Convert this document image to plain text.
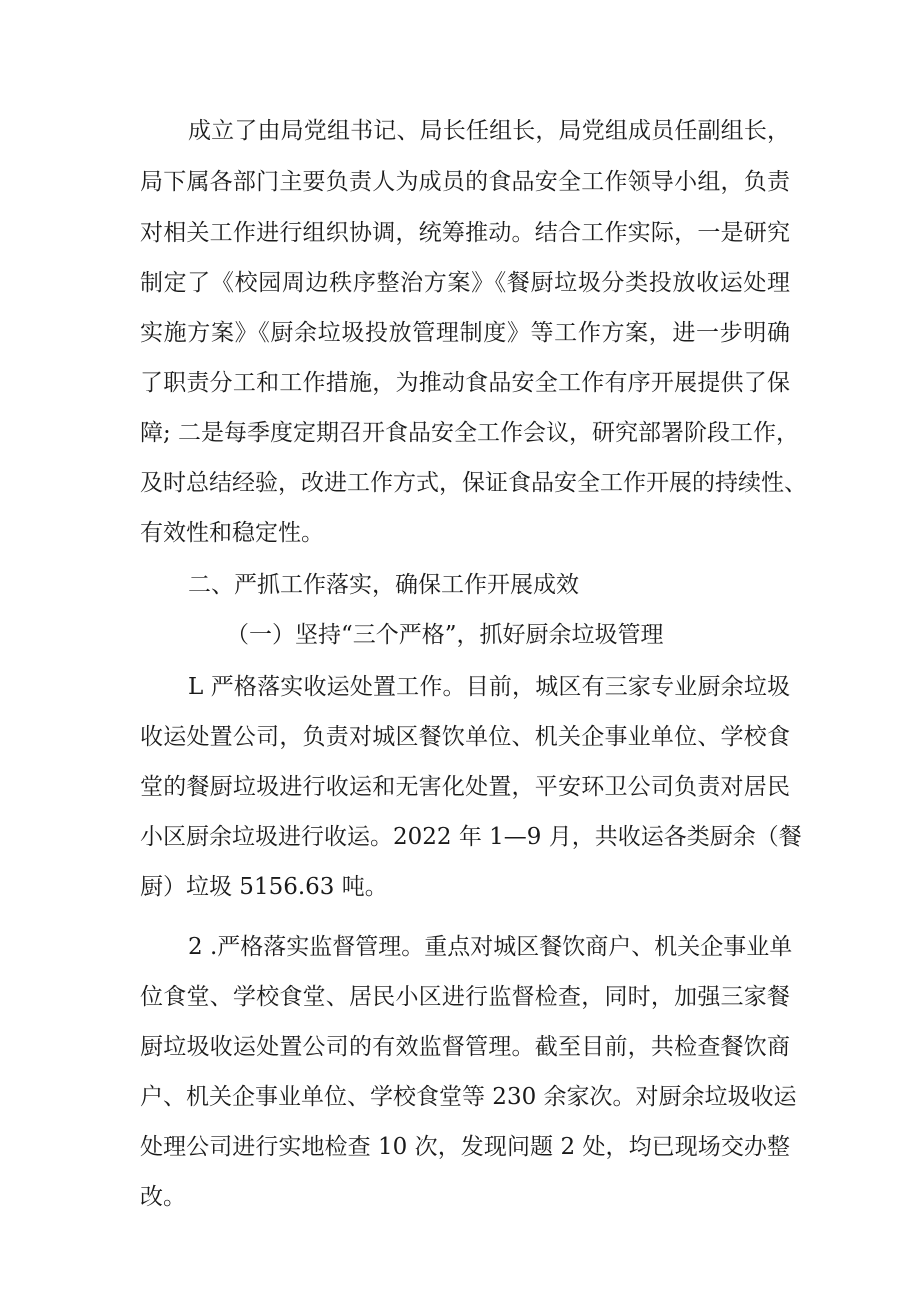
成立了由局党组书记、局长任组长，局党组成员任副组长，
局下属各部门主要负责人为成员的食品安全工作领导小组，负责
对相关工作进行组织协调，统筹推动。结合工作实际，一是研究
制定了《校园周边秩序整治方案》《餐厨垃圾分类投放收运处理
实施方案》《厨余垃圾投放管理制度》等工作方案，进一步明确
了职责分工和工作措施，为推动食品安全工作有序开展提供了保
障; 二是每季度定期召开食品安全工作会议，研究部署阶段工作，
及时总结经验，改进工作方式，保证食品安全工作开展的持续性、
有效性和稳定性。
二、严抓工作落实，确保工作开展成效
（一）坚持“三个严格”，抓好厨余垃圾管理
L 严格落实收运处置工作。目前，城区有三家专业厨余垃圾
收运处置公司，负责对城区餐饮单位、机关企事业单位、学校食
堂的餐厨垃圾进行收运和无害化处置，平安环卫公司负责对居民
小区厨余垃圾进行收运。2022 年 1—9 月，共收运各类厨余（餐
厨）垃圾 5156.63 吨。
2 .严格落实监督管理。重点对城区餐饮商户、机关企事业单
位食堂、学校食堂、居民小区进行监督检查，同时，加强三家餐
厨垃圾收运处置公司的有效监督管理。截至目前，共检查餐饮商
户、机关企事业单位、学校食堂等 230 余家次。对厨余垃圾收运
处理公司进行实地检查 10 次，发现问题 2 处，均已现场交办整
改。
